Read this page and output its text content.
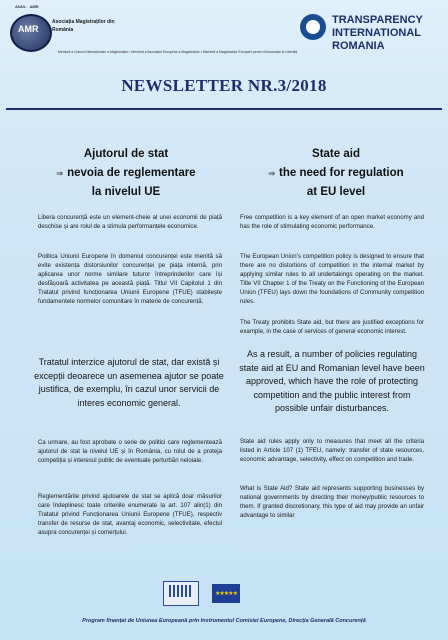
ANUL · AMR
AMR
Asociația Magistraților din România
TRANSPARENCY
INTERNATIONAL
ROMANIA
Membră a Uniunii Internaționale a Magistraților • Membră a Asociației Europene a Magistraților • Membră a Magistraților Europeni pentru Democrație și Libertăți
NEWSLETTER NR.3/2018
Ajutorul de stat
⇒ nevoia de reglementare
la nivelul UE
State aid
⇒ the need for regulation
at EU level

Libera concurență este un element-cheie al unei economii de piață deschise și are rolul de a stimula performanțele economice.

Politica Uniunii Europene în domeniul concurenței este menită să evite existența distorsiunilor concurenței pe piața internă, prin aplicarea unor norme similare tuturor întreprinderilor care își desfășoară activitatea pe această piață. Titlul VII Capitolul 1 din Tratatul privind funcționarea Uniunii Europene (TFUE) stabilește fundamentele normelor comunitare în materie de concurență.

Tratatul interzice ajutorul de stat, dar există și excepții deoarece un asemenea ajutor se poate justifica, de exemplu, în cazul unor servicii de interes economic general.

Ca urmare, au fost aprobate o serie de politici care reglementează ajutorul de stat la nivelul UE și în România, cu rolul de a proteja competiția și interesul public de eventuale perturbări neloiale.

Reglementările privind ajutoarele de stat se aplică doar măsurilor care îndeplinesc toate criteriile enumerate la art. 107 alin(1) din Tratatul privind Funcționarea Uniunii Europene (TFUE), respectiv transfer de resurse de stat, avantaj economic, selectivitate, efectul asupra concurenței și comerțului.

Free competition is a key element of an open market economy and has the role of stimulating economic performance.

The European Union's competition policy is designed to ensure that there are no distortions of competition in the internal market by applying similar rules to all undertakings operating on the market. Title VII Chapter 1 of the Treaty on the Functioning of the European Union (TFEU) lays down the foundations of Community competition rules.

The Treaty prohibits State aid, but there are justified exceptions for example, in the case of services of general economic interest.

As a result, a number of policies regulating state aid at EU and Romanian level have been approved, which have the role of protecting competition and the public interest from possible unfair disturbances.

State aid rules apply only to measures that meet all the criteria listed in Article 107 (1) TFEU, namely: transfer of state resources, economic advantage, selectivity, effect on competition and trade.

What is State Aid? State aid represents supporting businesses by national governments by directing their money/public resources to them. If granted discretionary, this type of aid may provide an unfair advantage to similar

★★★★★
Program finanțat de Uniunea Europeană prin Instrumentul Comisiei Europene, Direcția Generală Concurență
